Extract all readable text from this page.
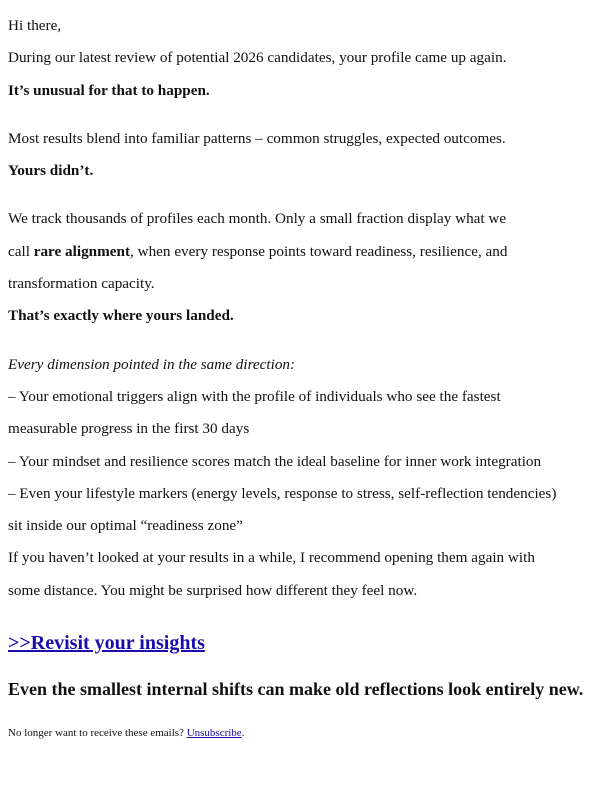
Hi there,

During our latest review of potential 2026 candidates, your profile came up again.

It’s unusual for that to happen.

Most results blend into familiar patterns – common struggles, expected outcomes.

Yours didn’t.

We track thousands of profiles each month. Only a small fraction display what we

call rare alignment, when every response points toward readiness, resilience, and

transformation capacity.

That’s exactly where yours landed.

Every dimension pointed in the same direction:

– Your emotional triggers align with the profile of individuals who see the fastest

measurable progress in the first 30 days

– Your mindset and resilience scores match the ideal baseline for inner work integration

– Even your lifestyle markers (energy levels, response to stress, self-reflection tendencies)

sit inside our optimal “readiness zone”

If you haven’t looked at your results in a while, I recommend opening them again with

some distance. You might be surprised how different they feel now.

>>Revisit your insights
Even the smallest internal shifts can make old reflections look entirely new.
No longer want to receive these emails? Unsubscribe.
